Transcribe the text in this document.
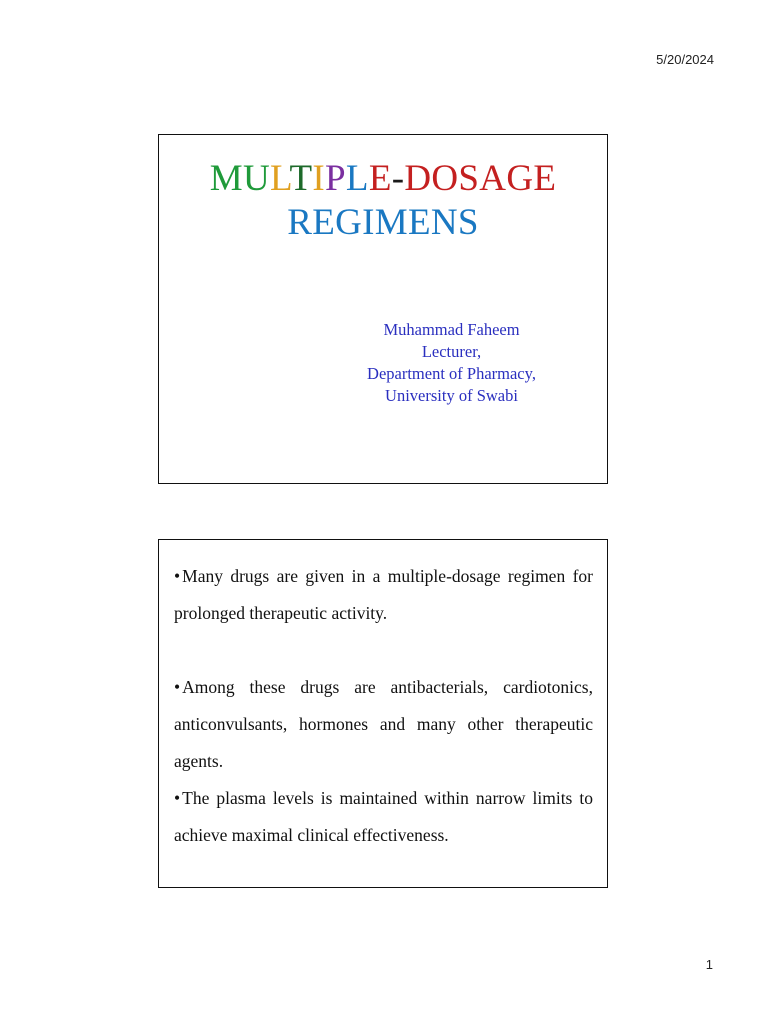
5/20/2024
MULTIPLE-DOSAGE
REGIMENS
Muhammad Faheem
Lecturer,
Department of Pharmacy,
University of Swabi

• Many drugs are given in a multiple-dosage regimen for prolonged therapeutic activity.

• Among these drugs are antibacterials, cardiotonics, anticonvulsants, hormones and many other therapeutic agents.

• The plasma levels is maintained within narrow limits to achieve maximal clinical effectiveness.

1
